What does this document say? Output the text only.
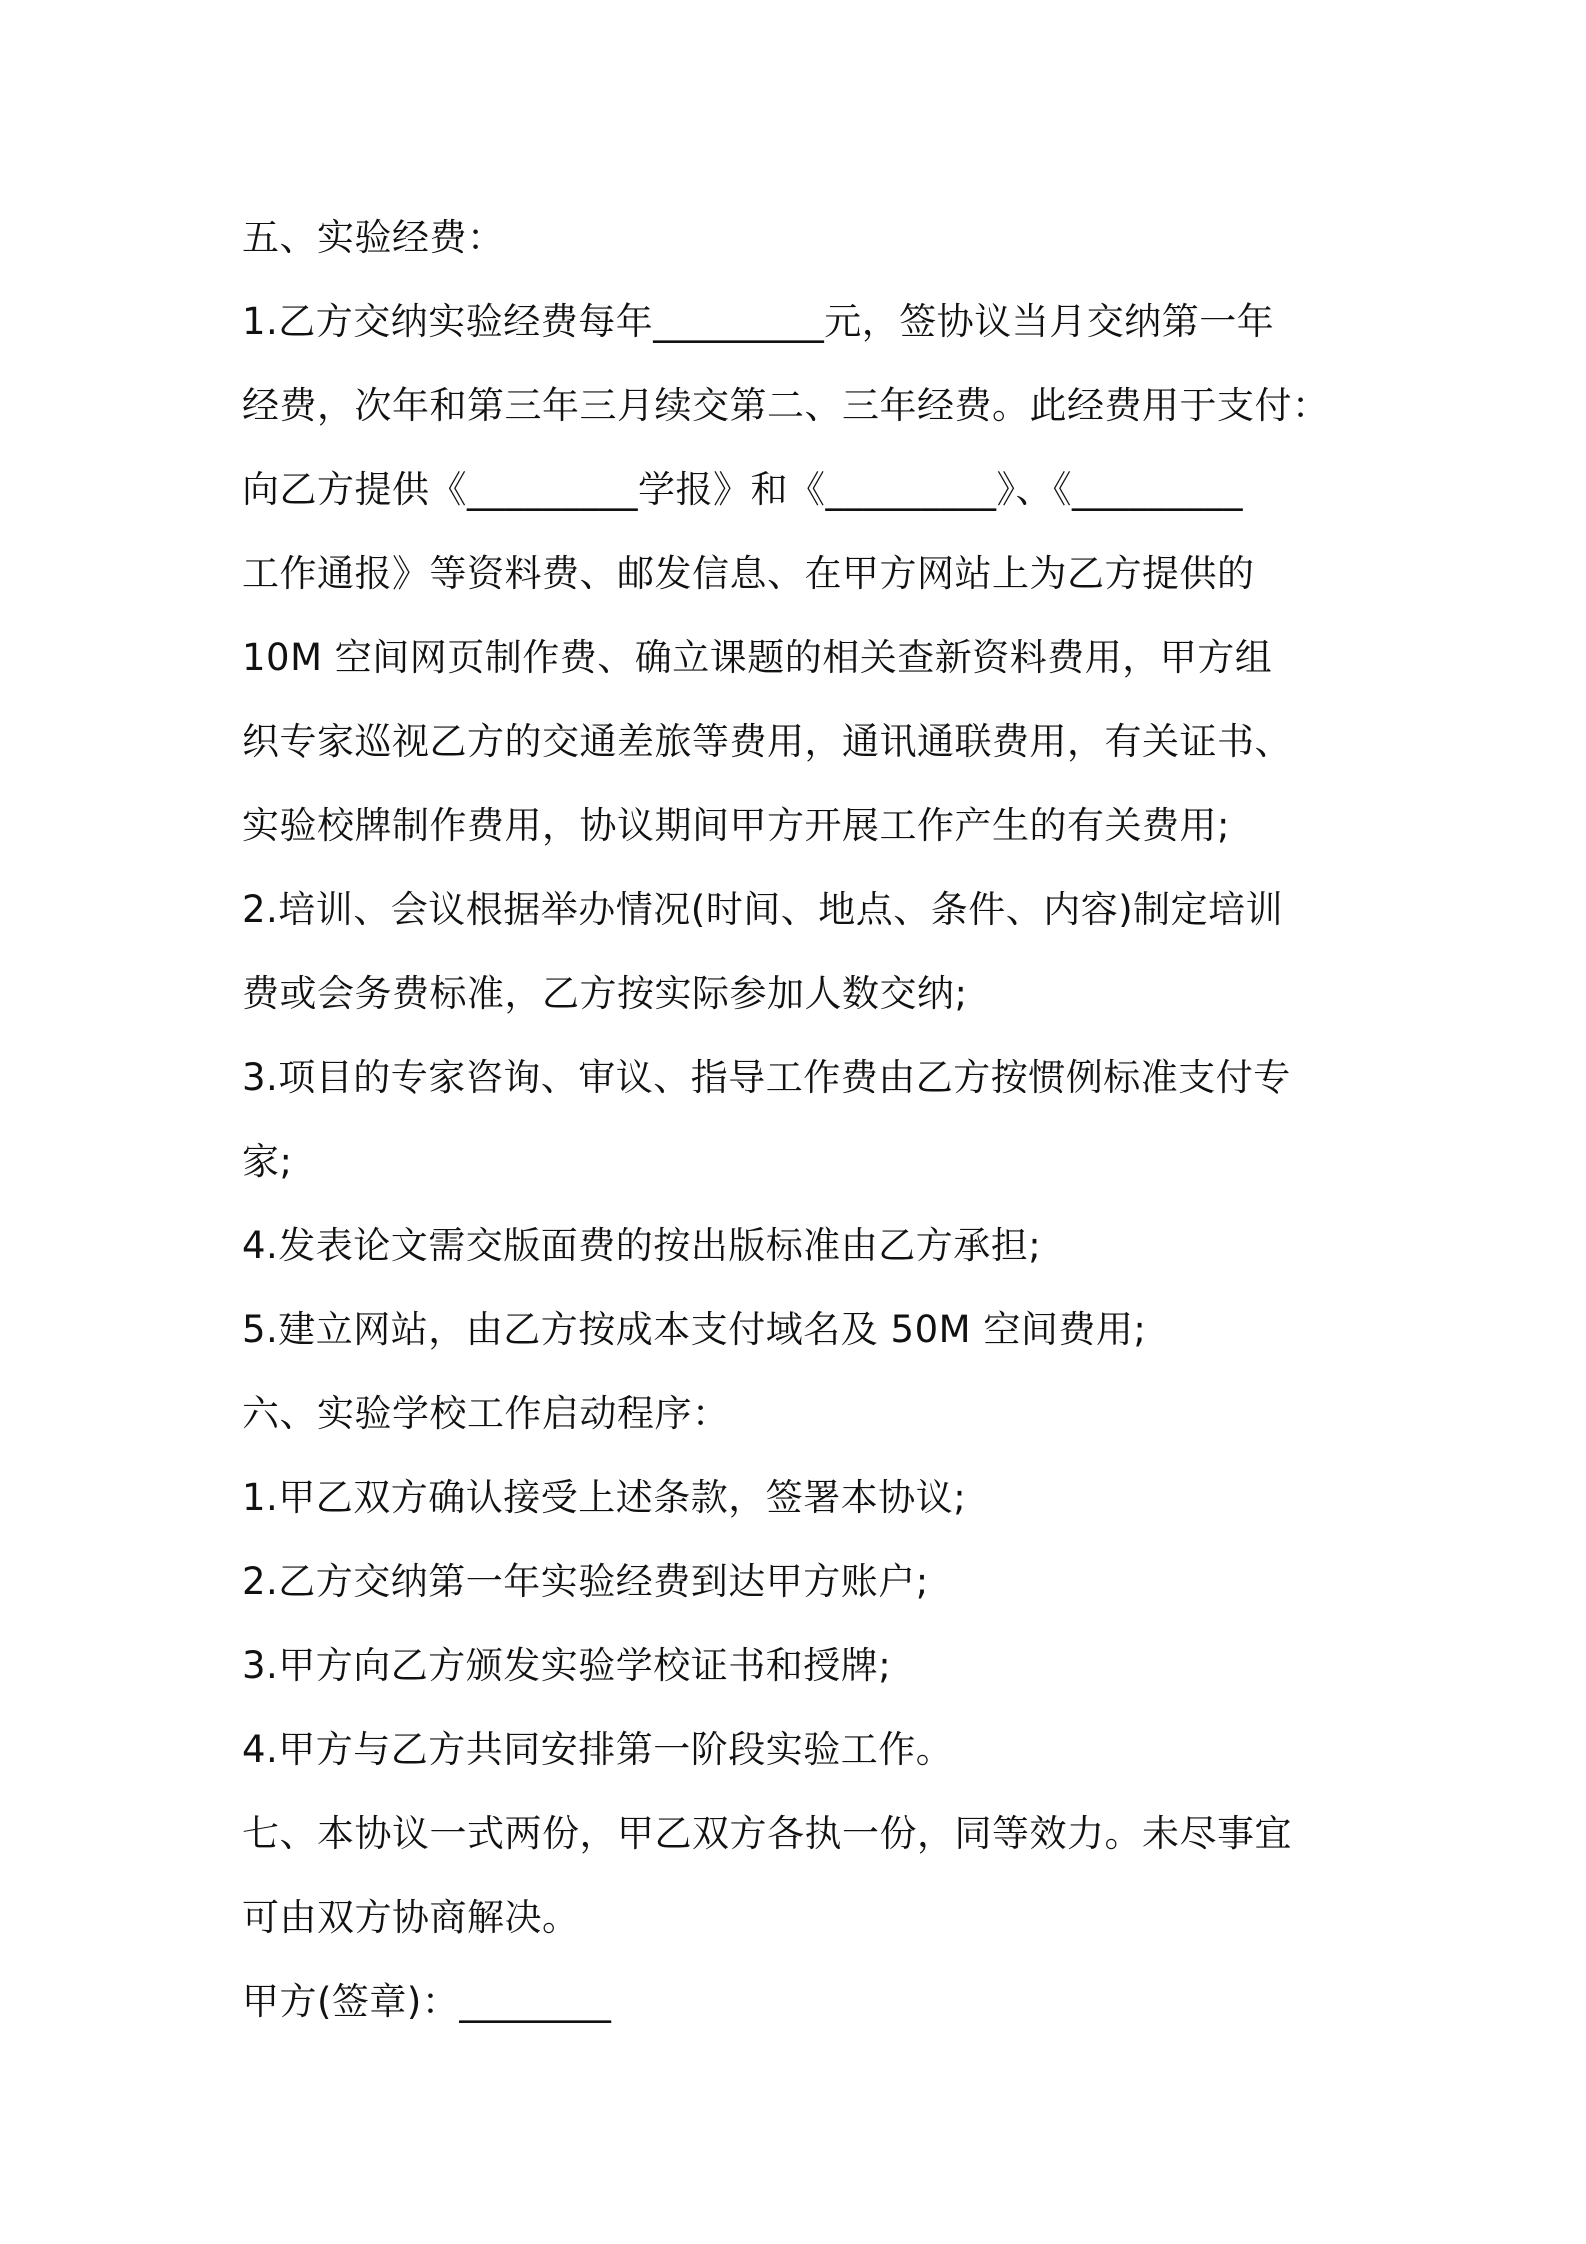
五、实验经费：
1.乙方交纳实验经费每年_________元，签协议当月交纳第一年
经费，次年和第三年三月续交第二、三年经费。此经费用于支付：
向乙方提供《_________学报》和《_________》、《_________
工作通报》等资料费、邮发信息、在甲方网站上为乙方提供的
10M 空间网页制作费、确立课题的相关查新资料费用，甲方组
织专家巡视乙方的交通差旅等费用，通讯通联费用，有关证书、
实验校牌制作费用，协议期间甲方开展工作产生的有关费用;
2.培训、会议根据举办情况(时间、地点、条件、内容)制定培训
费或会务费标准，乙方按实际参加人数交纳;
3.项目的专家咨询、审议、指导工作费由乙方按惯例标准支付专
家;
4.发表论文需交版面费的按出版标准由乙方承担;
5.建立网站，由乙方按成本支付域名及 50M 空间费用;
六、实验学校工作启动程序：
1.甲乙双方确认接受上述条款，签署本协议;
2.乙方交纳第一年实验经费到达甲方账户;
3.甲方向乙方颁发实验学校证书和授牌;
4.甲方与乙方共同安排第一阶段实验工作。
七、本协议一式两份，甲乙双方各执一份，同等效力。未尽事宜
可由双方协商解决。
甲方(签章)：________
